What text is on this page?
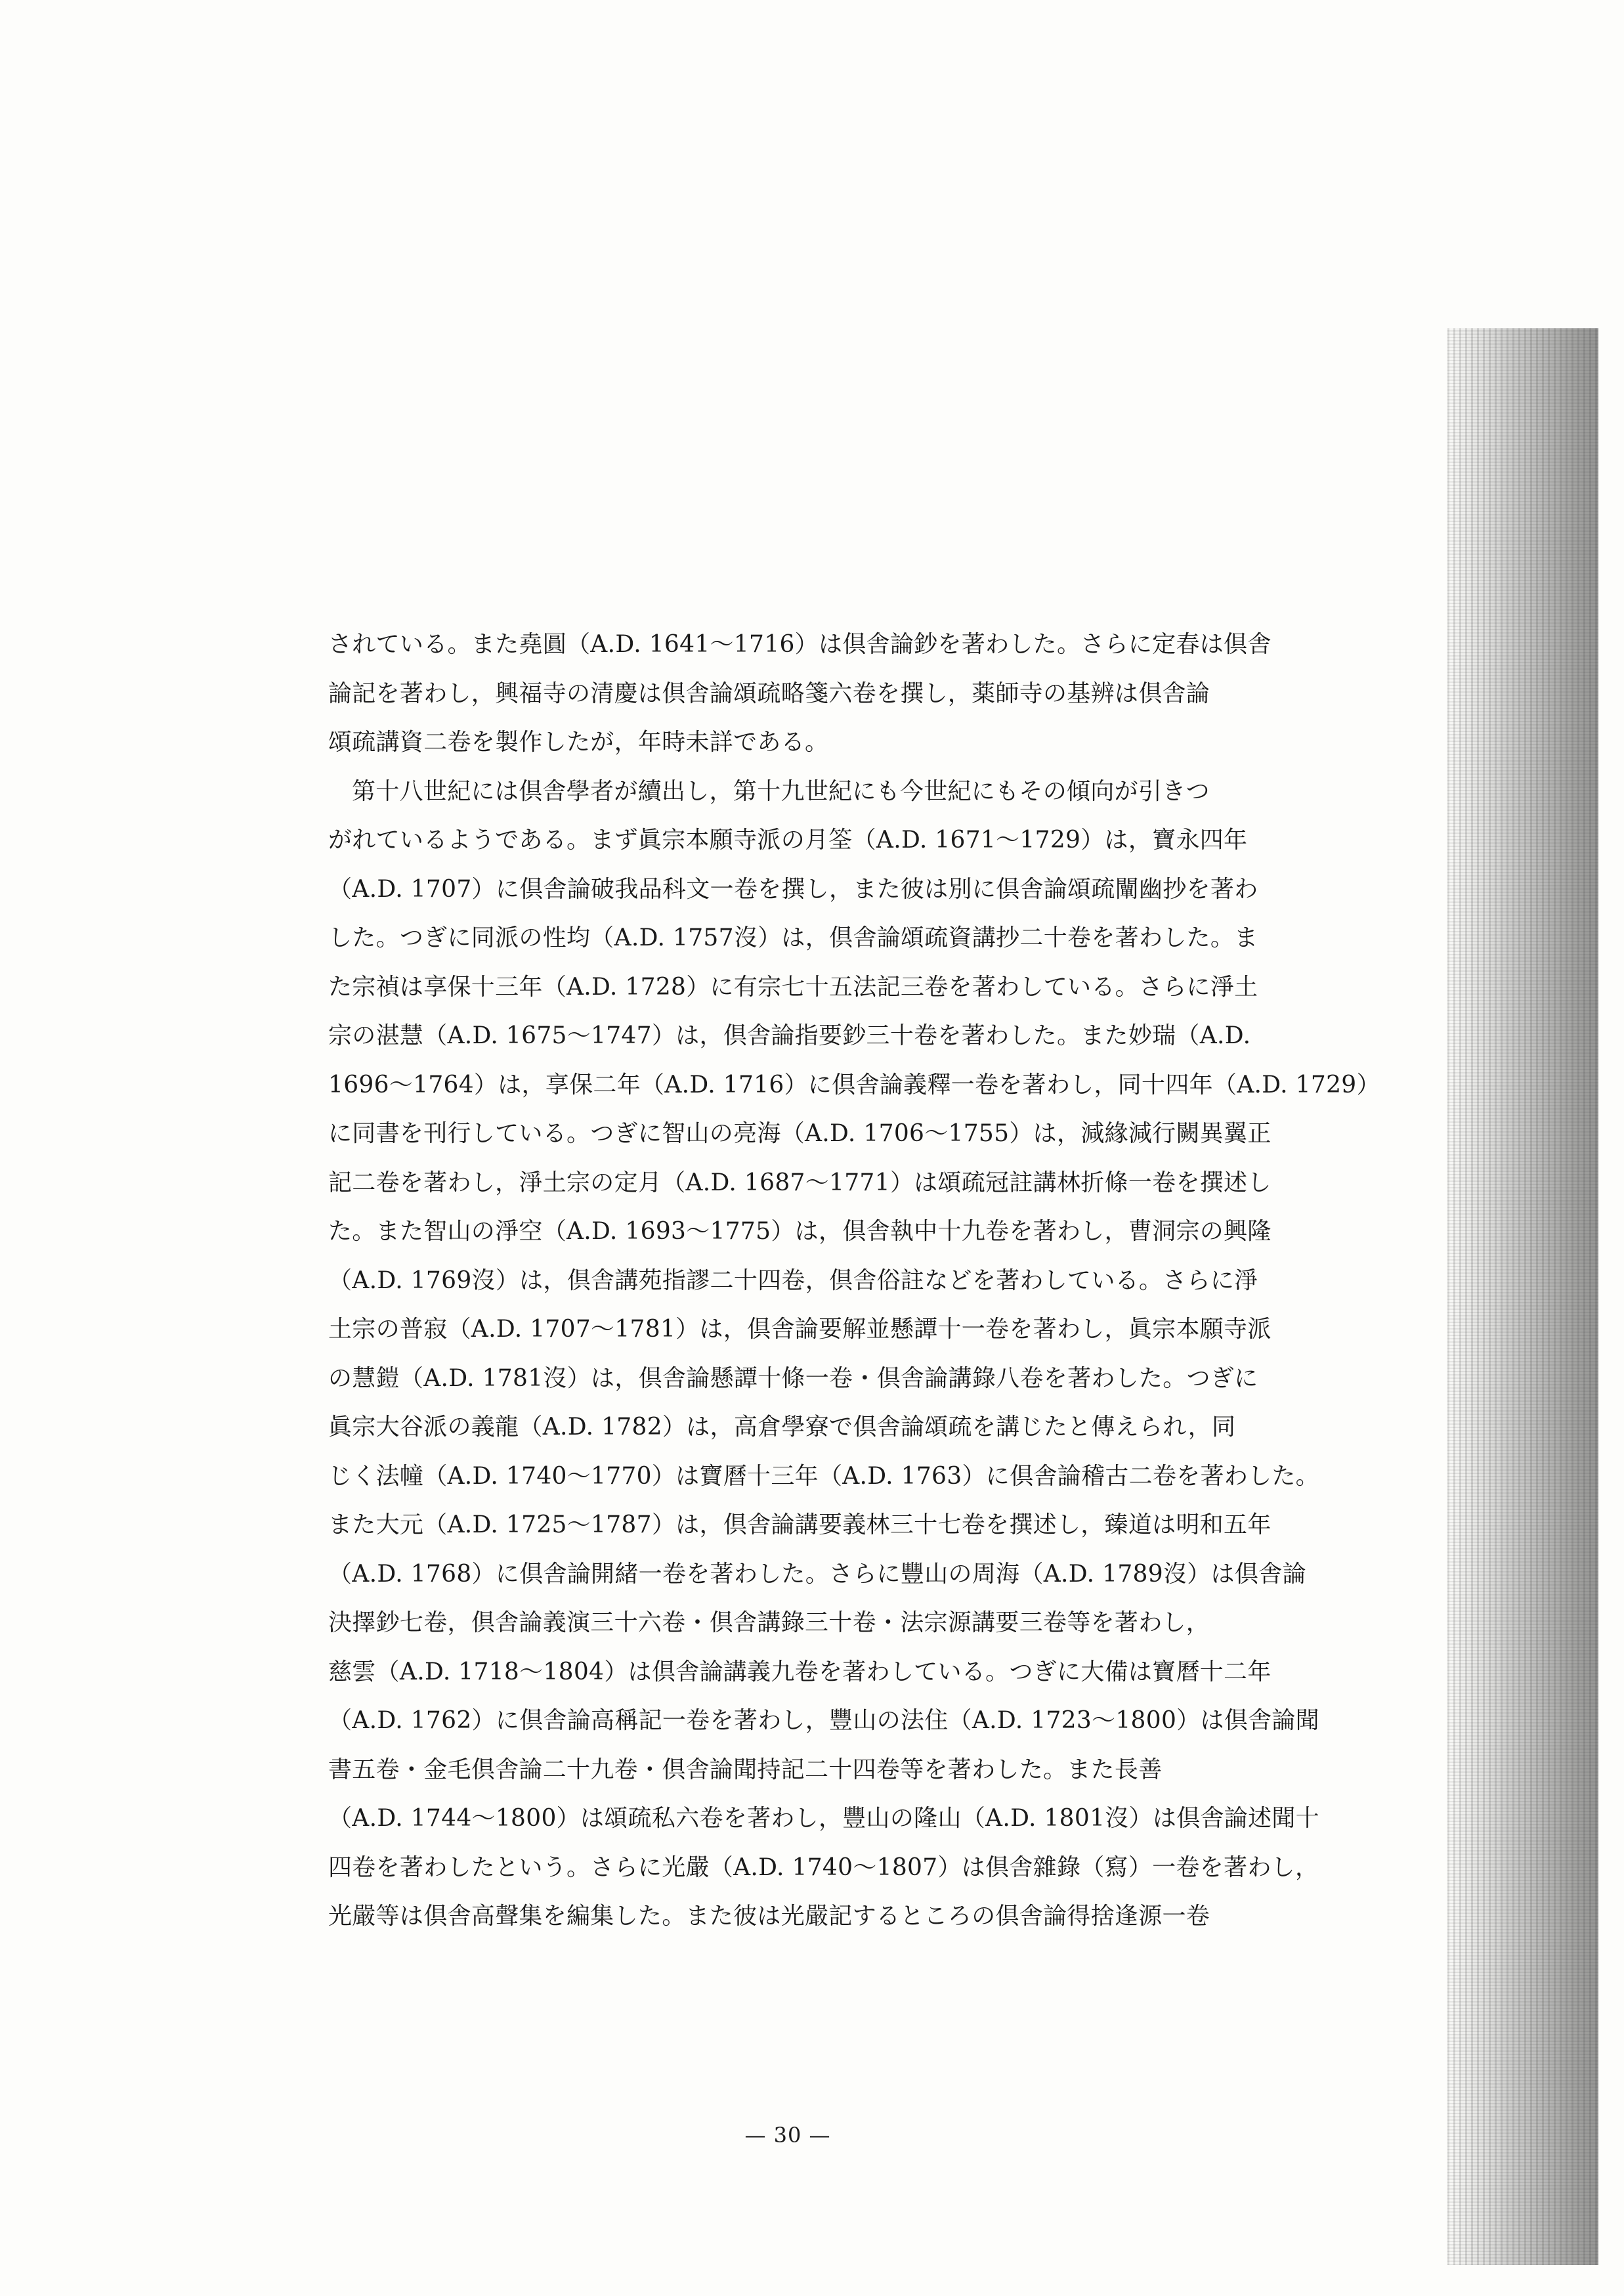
されている。また堯圓（A.D. 1641～1716）は倶舎論鈔を著わした。さらに定春は倶舎
論記を著わし，興福寺の清慶は倶舎論頌疏略箋六卷を撰し，薬師寺の基辨は倶舎論
頌疏講資二卷を製作したが，年時未詳である。
第十八世紀には倶舎學者が續出し，第十九世紀にも今世紀にもその傾向が引きつ
がれているようである。まず眞宗本願寺派の月筌（A.D. 1671～1729）は，寶永四年
（A.D. 1707）に倶舎論破我品科文一卷を撰し，また彼は別に倶舎論頌疏闡幽抄を著わ
した。つぎに同派の性均（A.D. 1757沒）は，倶舎論頌疏資講抄二十卷を著わした。ま
た宗禎は享保十三年（A.D. 1728）に有宗七十五法記三卷を著わしている。さらに淨土
宗の湛慧（A.D. 1675～1747）は，倶舎論指要鈔三十卷を著わした。また妙瑞（A.D.
1696～1764）は，享保二年（A.D. 1716）に倶舎論義釋一卷を著わし，同十四年（A.D. 1729）
に同書を刊行している。つぎに智山の亮海（A.D. 1706～1755）は，減緣減行闕異翼正
記二卷を著わし，淨土宗の定月（A.D. 1687～1771）は頌疏冠註講林折條一卷を撰述し
た。また智山の淨空（A.D. 1693～1775）は，倶舎執中十九卷を著わし，曹洞宗の興隆
（A.D. 1769沒）は，倶舎講苑指謬二十四卷，倶舎俗註などを著わしている。さらに淨
土宗の普寂（A.D. 1707～1781）は，倶舎論要解並懸譚十一卷を著わし，眞宗本願寺派
の慧鎧（A.D. 1781沒）は，倶舎論懸譚十條一卷・倶舎論講錄八卷を著わした。つぎに
眞宗大谷派の義龍（A.D. 1782）は，高倉學寮で倶舎論頌疏を講じたと傳えられ，同
じく法幢（A.D. 1740～1770）は寶曆十三年（A.D. 1763）に倶舎論稽古二卷を著わした。
また大元（A.D. 1725～1787）は，倶舎論講要義林三十七卷を撰述し，臻道は明和五年
（A.D. 1768）に倶舎論開緒一卷を著わした。さらに豐山の周海（A.D. 1789沒）は倶舎論
決擇鈔七卷，倶舎論義演三十六卷・倶舎講錄三十卷・法宗源講要三卷等を著わし，
慈雲（A.D. 1718～1804）は倶舎論講義九卷を著わしている。つぎに大備は寶曆十二年
（A.D. 1762）に倶舎論高稱記一卷を著わし，豐山の法住（A.D. 1723～1800）は倶舎論聞
書五卷・金毛倶舎論二十九卷・倶舎論聞持記二十四卷等を著わした。また長善
（A.D. 1744～1800）は頌疏私六卷を著わし，豐山の隆山（A.D. 1801沒）は倶舎論述聞十
四卷を著わしたという。さらに光嚴（A.D. 1740～1807）は倶舎雜錄（寫）一卷を著わし，
光嚴等は倶舎高聲集を編集した。また彼は光嚴記するところの倶舎論得捨逢源一卷
— 30 —
